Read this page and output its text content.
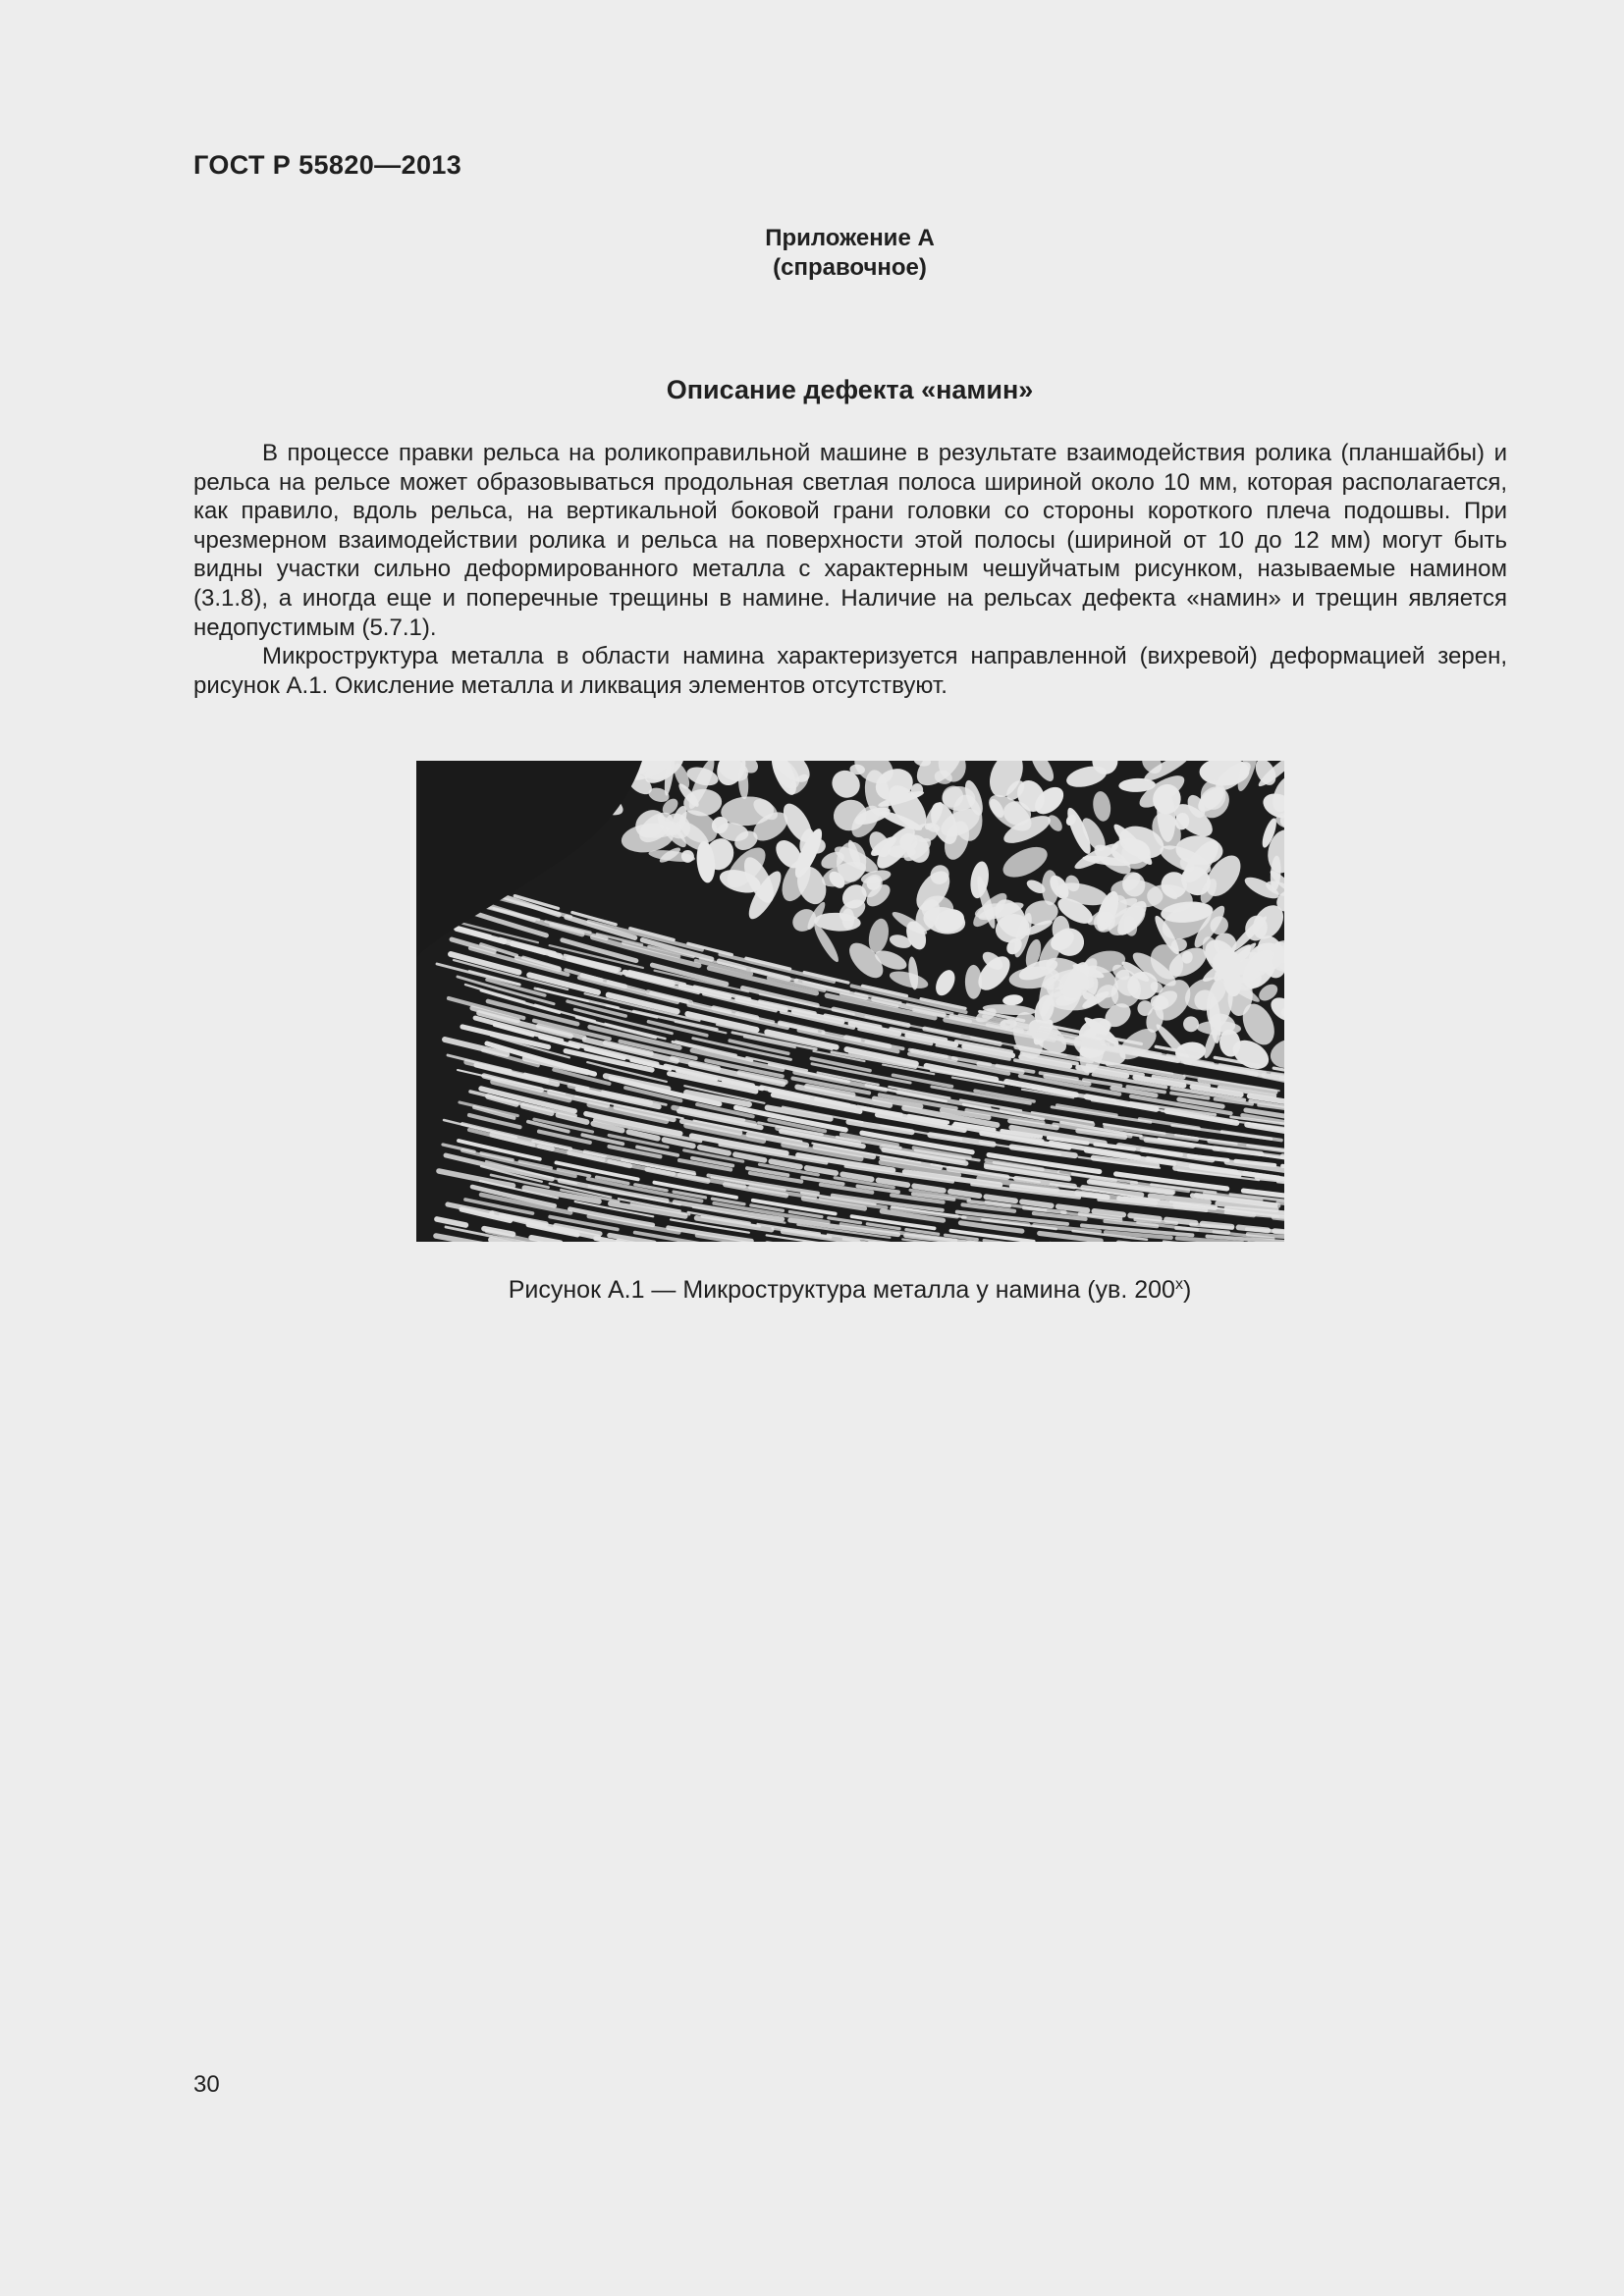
ГОСТ Р 55820—2013
Приложение А
(справочное)
Описание дефекта «намин»

В процессе правки рельса на роликоправильной машине в результате взаимодействия ролика (планшайбы) и рельса на рельсе может образовываться продольная светлая полоса шириной около 10 мм, которая располагается, как правило, вдоль рельса, на вертикальной боковой грани головки со стороны короткого плеча подошвы. При чрезмерном взаимодействии ролика и рельса на поверхности этой полосы (шириной от 10 до 12 мм) могут быть видны участки сильно деформированного металла с характерным чешуйчатым рисунком, называемые намином (3.1.8), а иногда еще и поперечные трещины в намине. Наличие на рельсах дефекта «намин» и трещин является недопустимым (5.7.1).

Микроструктура металла в области намина характеризуется направленной (вихревой) деформацией зерен, рисунок А.1. Окисление металла и ликвация элементов отсутствуют.

Рисунок А.1 — Микроструктура металла у намина (ув. $200^х$)
30
